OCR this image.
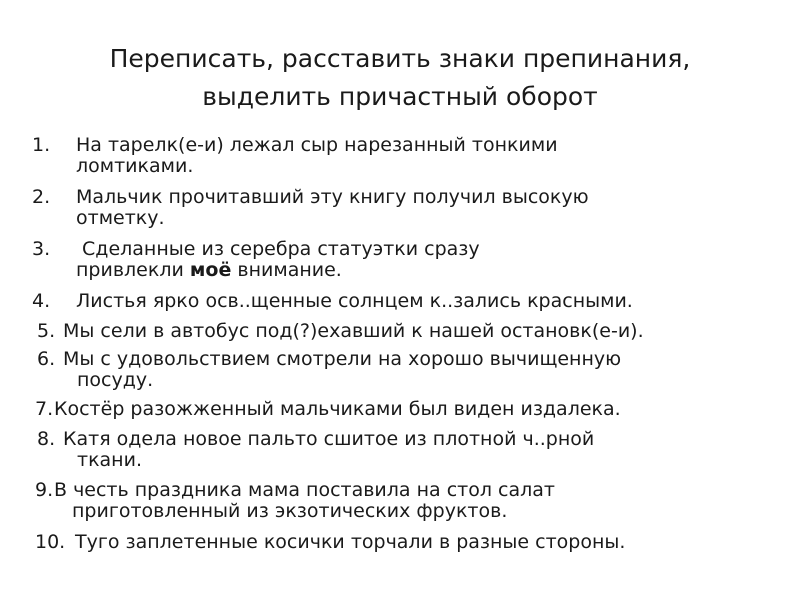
Переписать, расставить знаки препинания,
выделить причастный оборот
1. На тарелк(е-и) лежал сыр нарезанный тонкими
ломтиками.
2. Мальчик прочитавший эту книгу получил высокую
отметку.
3. Сделанные из серебра статуэтки сразу
привлекли моё внимание.
4. Листья ярко осв..щенные солнцем к..зались красными.
5. Мы сели в автобус под(?)ехавший к нашей остановк(е-и).
6. Мы с удовольствием смотрели на хорошо вычищенную
посуду.
7. Костёр разожженный мальчиками был виден издалека.
8. Катя одела новое пальто сшитое из плотной ч..рной
ткани.
9. В честь праздника мама поставила на стол салат
приготовленный из экзотических фруктов.
10. Туго заплетенные косички торчали в разные стороны.
